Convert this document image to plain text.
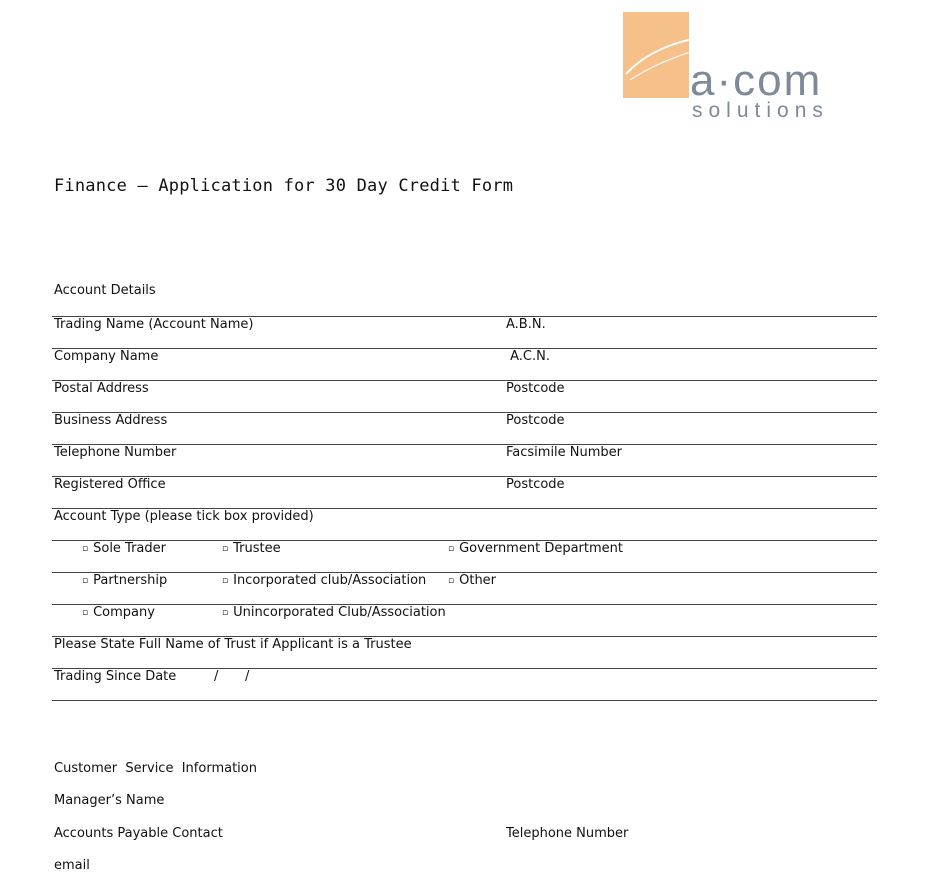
a·com
solutions
Finance – Application for 30 Day Credit Form
Account Details
Trading Name (Account Name)	A.B.N.
Company Name	A.C.N.
Postal Address	Postcode
Business Address	Postcode
Telephone Number	Facsimile Number
Registered Office	Postcode
Account Type (please tick box provided)
▫ Sole Trader	▫ Trustee	▫ Government Department
▫ Partnership	▫ Incorporated club/Association ▫ Other
▫ Company	▫ Unincorporated Club/Association
Please State Full Name of Trust if Applicant is a Trustee
Trading Since Date	/ /
Customer  Service  Information
Manager’s Name
Accounts Payable Contact	Telephone Number
email
